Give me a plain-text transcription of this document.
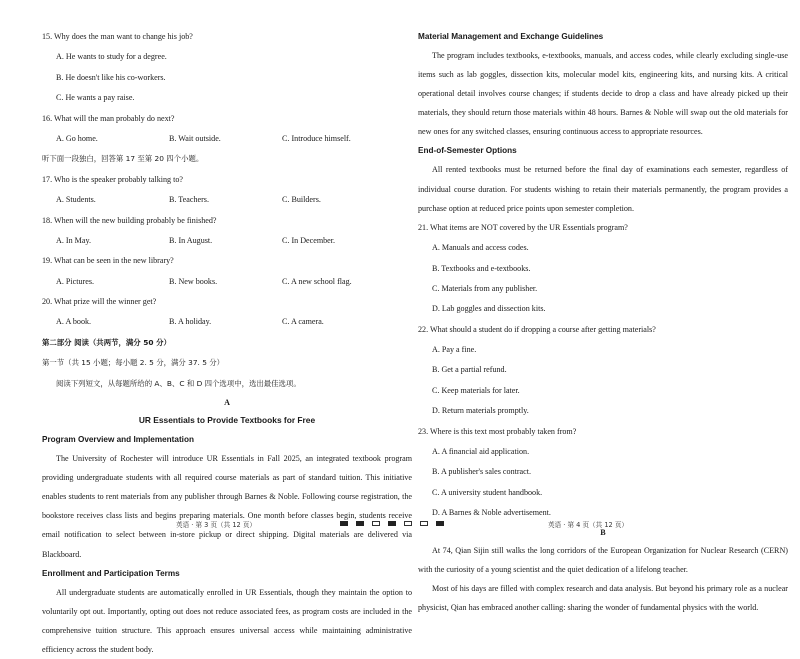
15. Why does the man want to change his job?
A. He wants to study for a degree.
B. He doesn't like his co-workers.
C. He wants a pay raise.
16. What will the man probably do next?
A. Go home.	B. Wait outside.	C. Introduce himself.
听下面一段独白，回答第 17 至第 20 四个小题。
17. Who is the speaker probably talking to?
A. Students.	B. Teachers.	C. Builders.
18. When will the new building probably be finished?
A. In May.	B. In August.	C. In December.
19. What can be seen in the new library?
A. Pictures.	B. New books.	C. A new school flag.
20. What prize will the winner get?
A. A book.	B. A holiday.	C. A camera.
第二部分 阅读（共两节，满分 50 分）
第一节（共 15 小题；每小题 2. 5 分，满分 37. 5 分）
阅读下列短文，从每题所给的 A、B、C 和 D 四个选项中，选出最佳选项。
A
UR Essentials to Provide Textbooks for Free
Program Overview and Implementation

The University of Rochester will introduce UR Essentials in Fall 2025, an integrated textbook program providing undergraduate students with all required course materials as part of standard tuition. This initiative enables students to rent materials from any publisher through Barnes & Noble. Following course registration, the bookstore receives class lists and begins preparing materials. One month before classes begin, students receive email notification to select between in-store pickup or direct shipping. Digital materials are delivered via Blackboard.

Enrollment and Participation Terms

All undergraduate students are automatically enrolled in UR Essentials, though they maintain the option to voluntarily opt out. Importantly, opting out does not reduce associated fees, as program costs are included in the comprehensive tuition structure. This approach ensures universal access while maintaining administrative efficiency across the student body.

Material Management and Exchange Guidelines

The program includes textbooks, e-textbooks, manuals, and access codes, while clearly excluding single-use items such as lab goggles, dissection kits, molecular model kits, engineering kits, and nursing kits. A critical operational detail involves course changes; if students decide to drop a class and have already picked up their materials, they should return those materials within 48 hours. Barnes & Noble will swap out the old materials for new ones for any switched classes, ensuring continuous access to appropriate resources.

End-of-Semester Options

All rented textbooks must be returned before the final day of examinations each semester, regardless of individual course duration. For students wishing to retain their materials permanently, the program provides a purchase option at reduced price points upon semester completion.

21. What items are NOT covered by the UR Essentials program?
A. Manuals and access codes.
B. Textbooks and e-textbooks.
C. Materials from any publisher.
D. Lab goggles and dissection kits.
22. What should a student do if dropping a course after getting materials?
A. Pay a fine.
B. Get a partial refund.
C. Keep materials for later.
D. Return materials promptly.
23. Where is this text most probably taken from?
A. A financial aid application.
B. A publisher's sales contract.
C. A university student handbook.
D. A Barnes & Noble advertisement.
B

At 74, Qian Sijin still walks the long corridors of the European Organization for Nuclear Research (CERN) with the curiosity of a young scientist and the quiet dedication of a lifelong teacher.

Most of his days are filled with complex research and data analysis. But beyond his primary role as a nuclear physicist, Qian has embraced another calling: sharing the wonder of fundamental physics with the world.

英语 · 第 3 页（共 12 页）	英语 · 第 4 页（共 12 页）
